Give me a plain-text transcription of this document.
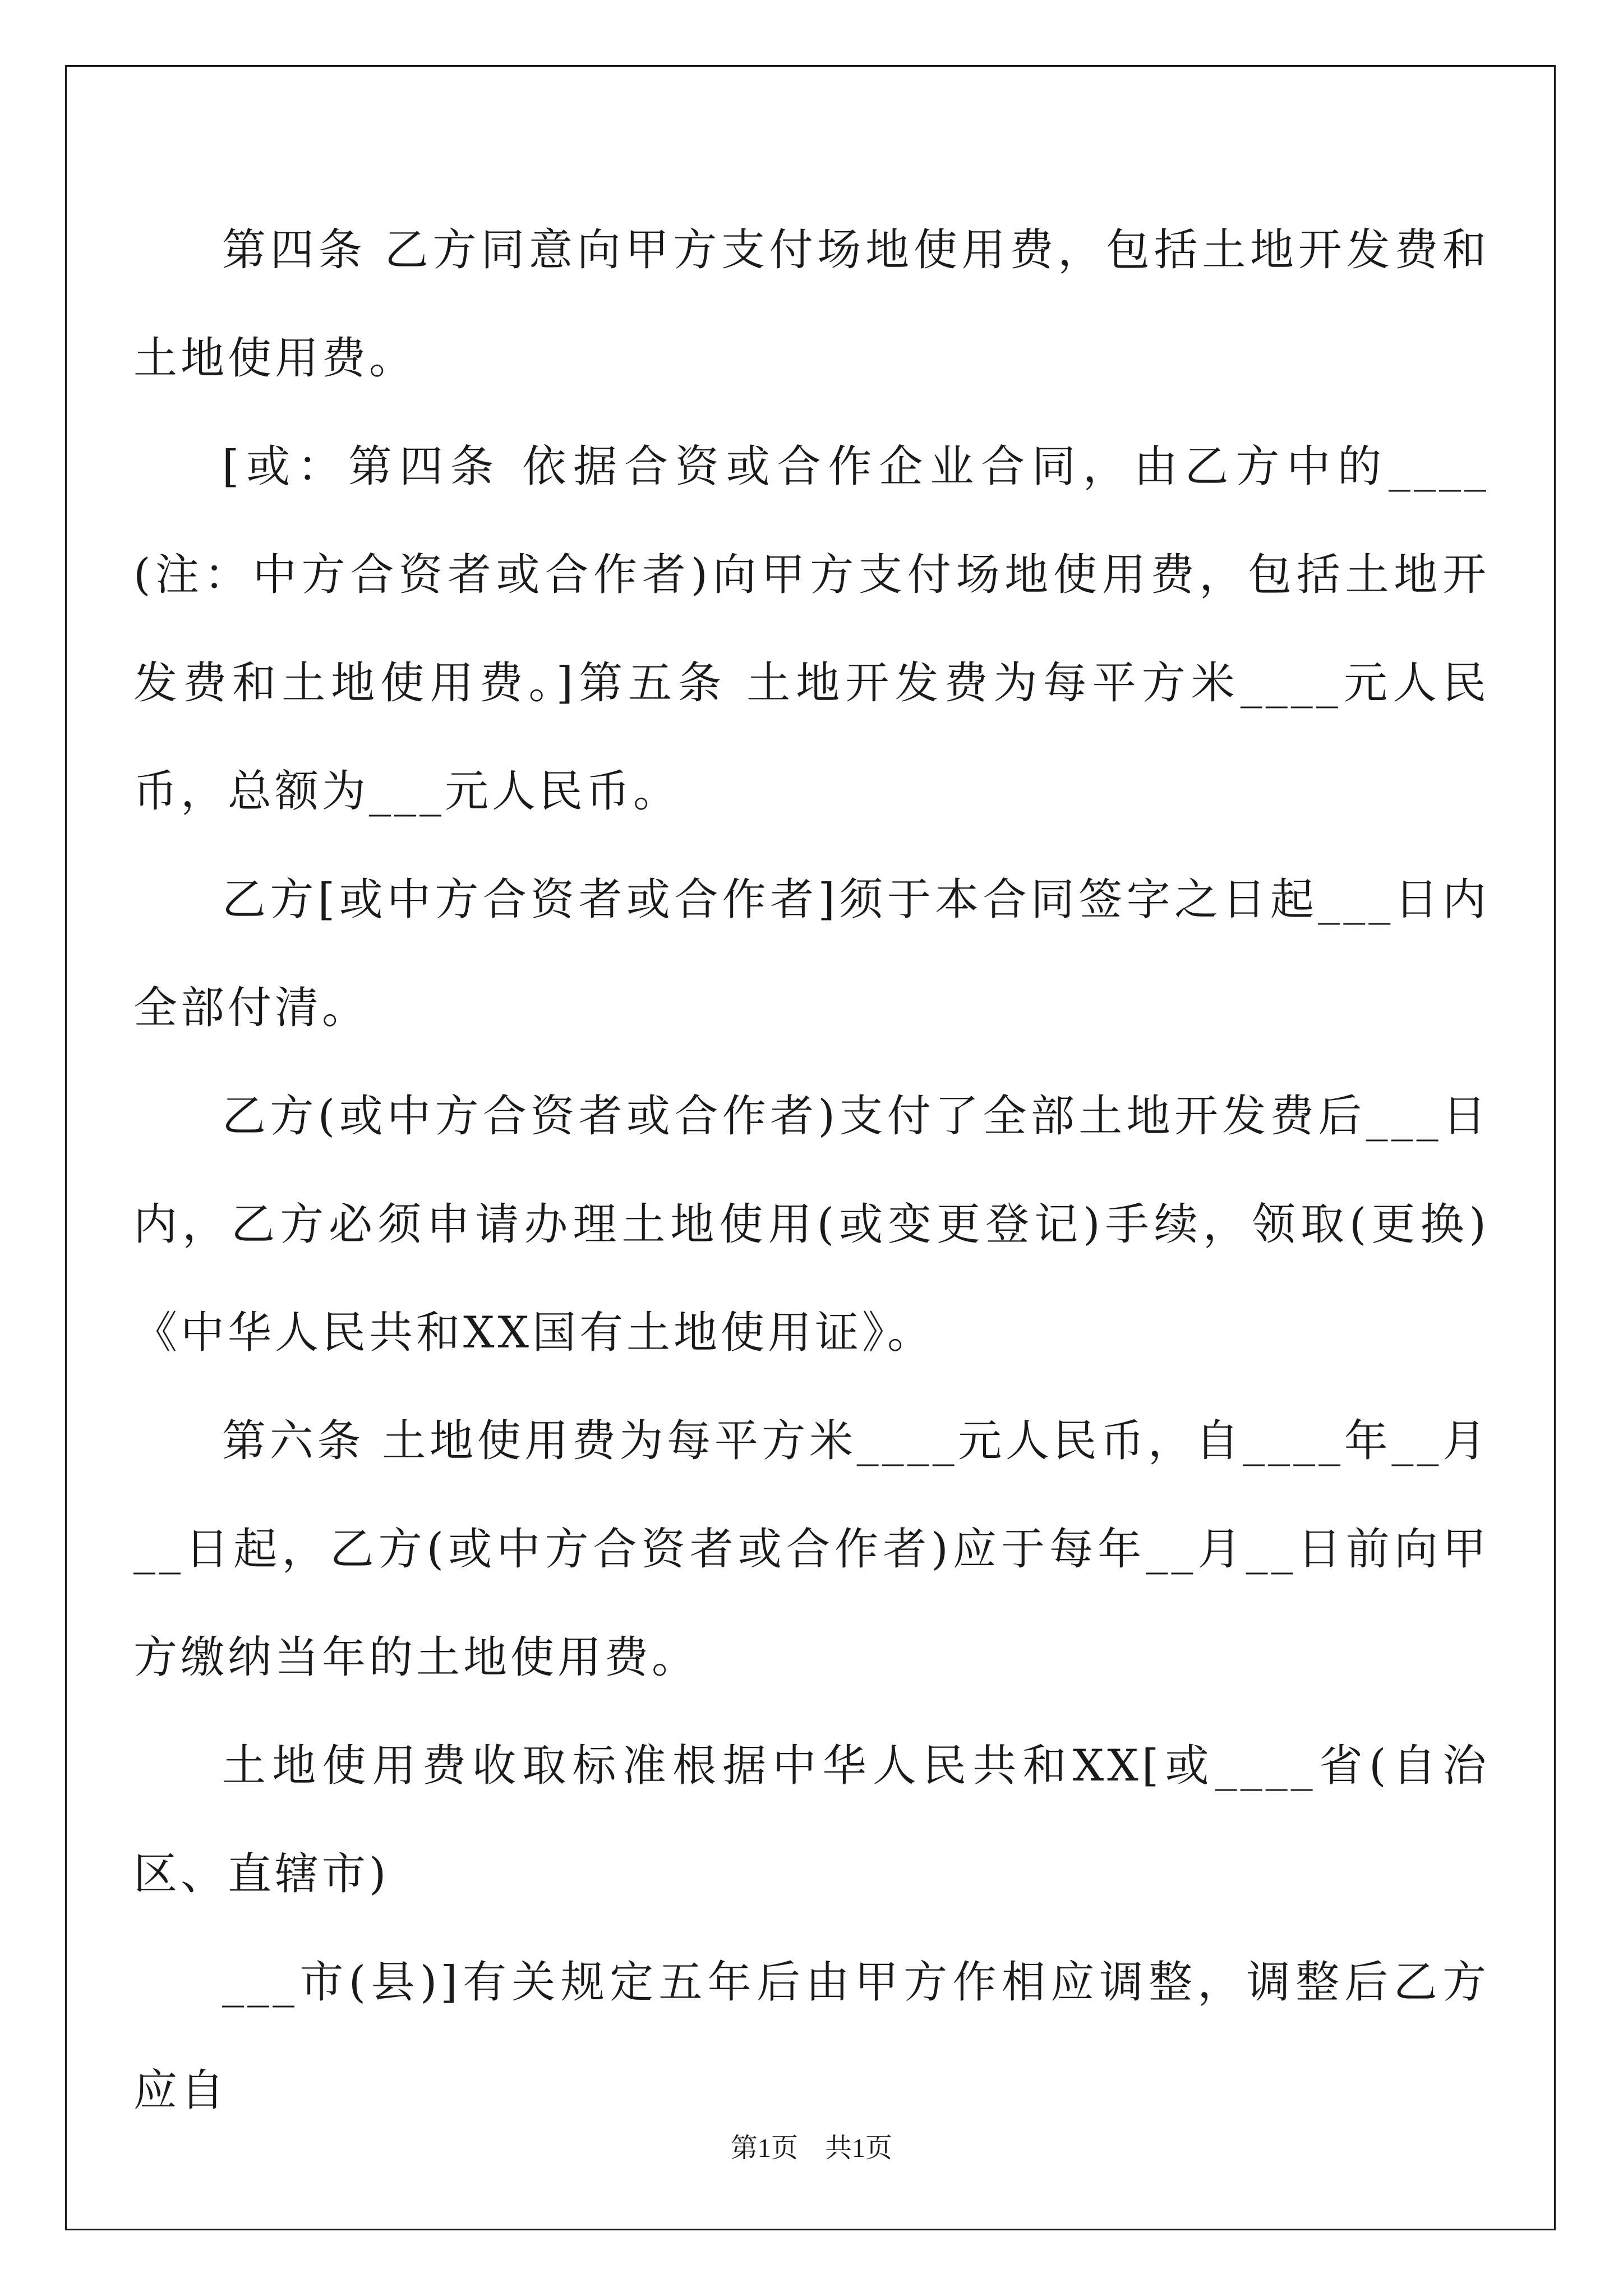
第四条 乙方同意向甲方支付场地使用费，包括土地开发费和土地使用费。

[或：第四条 依据合资或合作企业合同，由乙方中的____(注：中方合资者或合作者)向甲方支付场地使用费，包括土地开发费和土地使用费。]第五条 土地开发费为每平方米____元人民币，总额为___元人民币。

乙方[或中方合资者或合作者]须于本合同签字之日起___日内全部付清。

乙方(或中方合资者或合作者)支付了全部土地开发费后___日内，乙方必须申请办理土地使用(或变更登记)手续，领取(更换)《中华人民共和XX国有土地使用证》。

第六条 土地使用费为每平方米____元人民币，自____年__月__日起，乙方(或中方合资者或合作者)应于每年__月__日前向甲方缴纳当年的土地使用费。

土地使用费收取标准根据中华人民共和XX[或____省(自治区、直辖市)

___市(县)]有关规定五年后由甲方作相应调整，调整后乙方应自

第1页　共1页
